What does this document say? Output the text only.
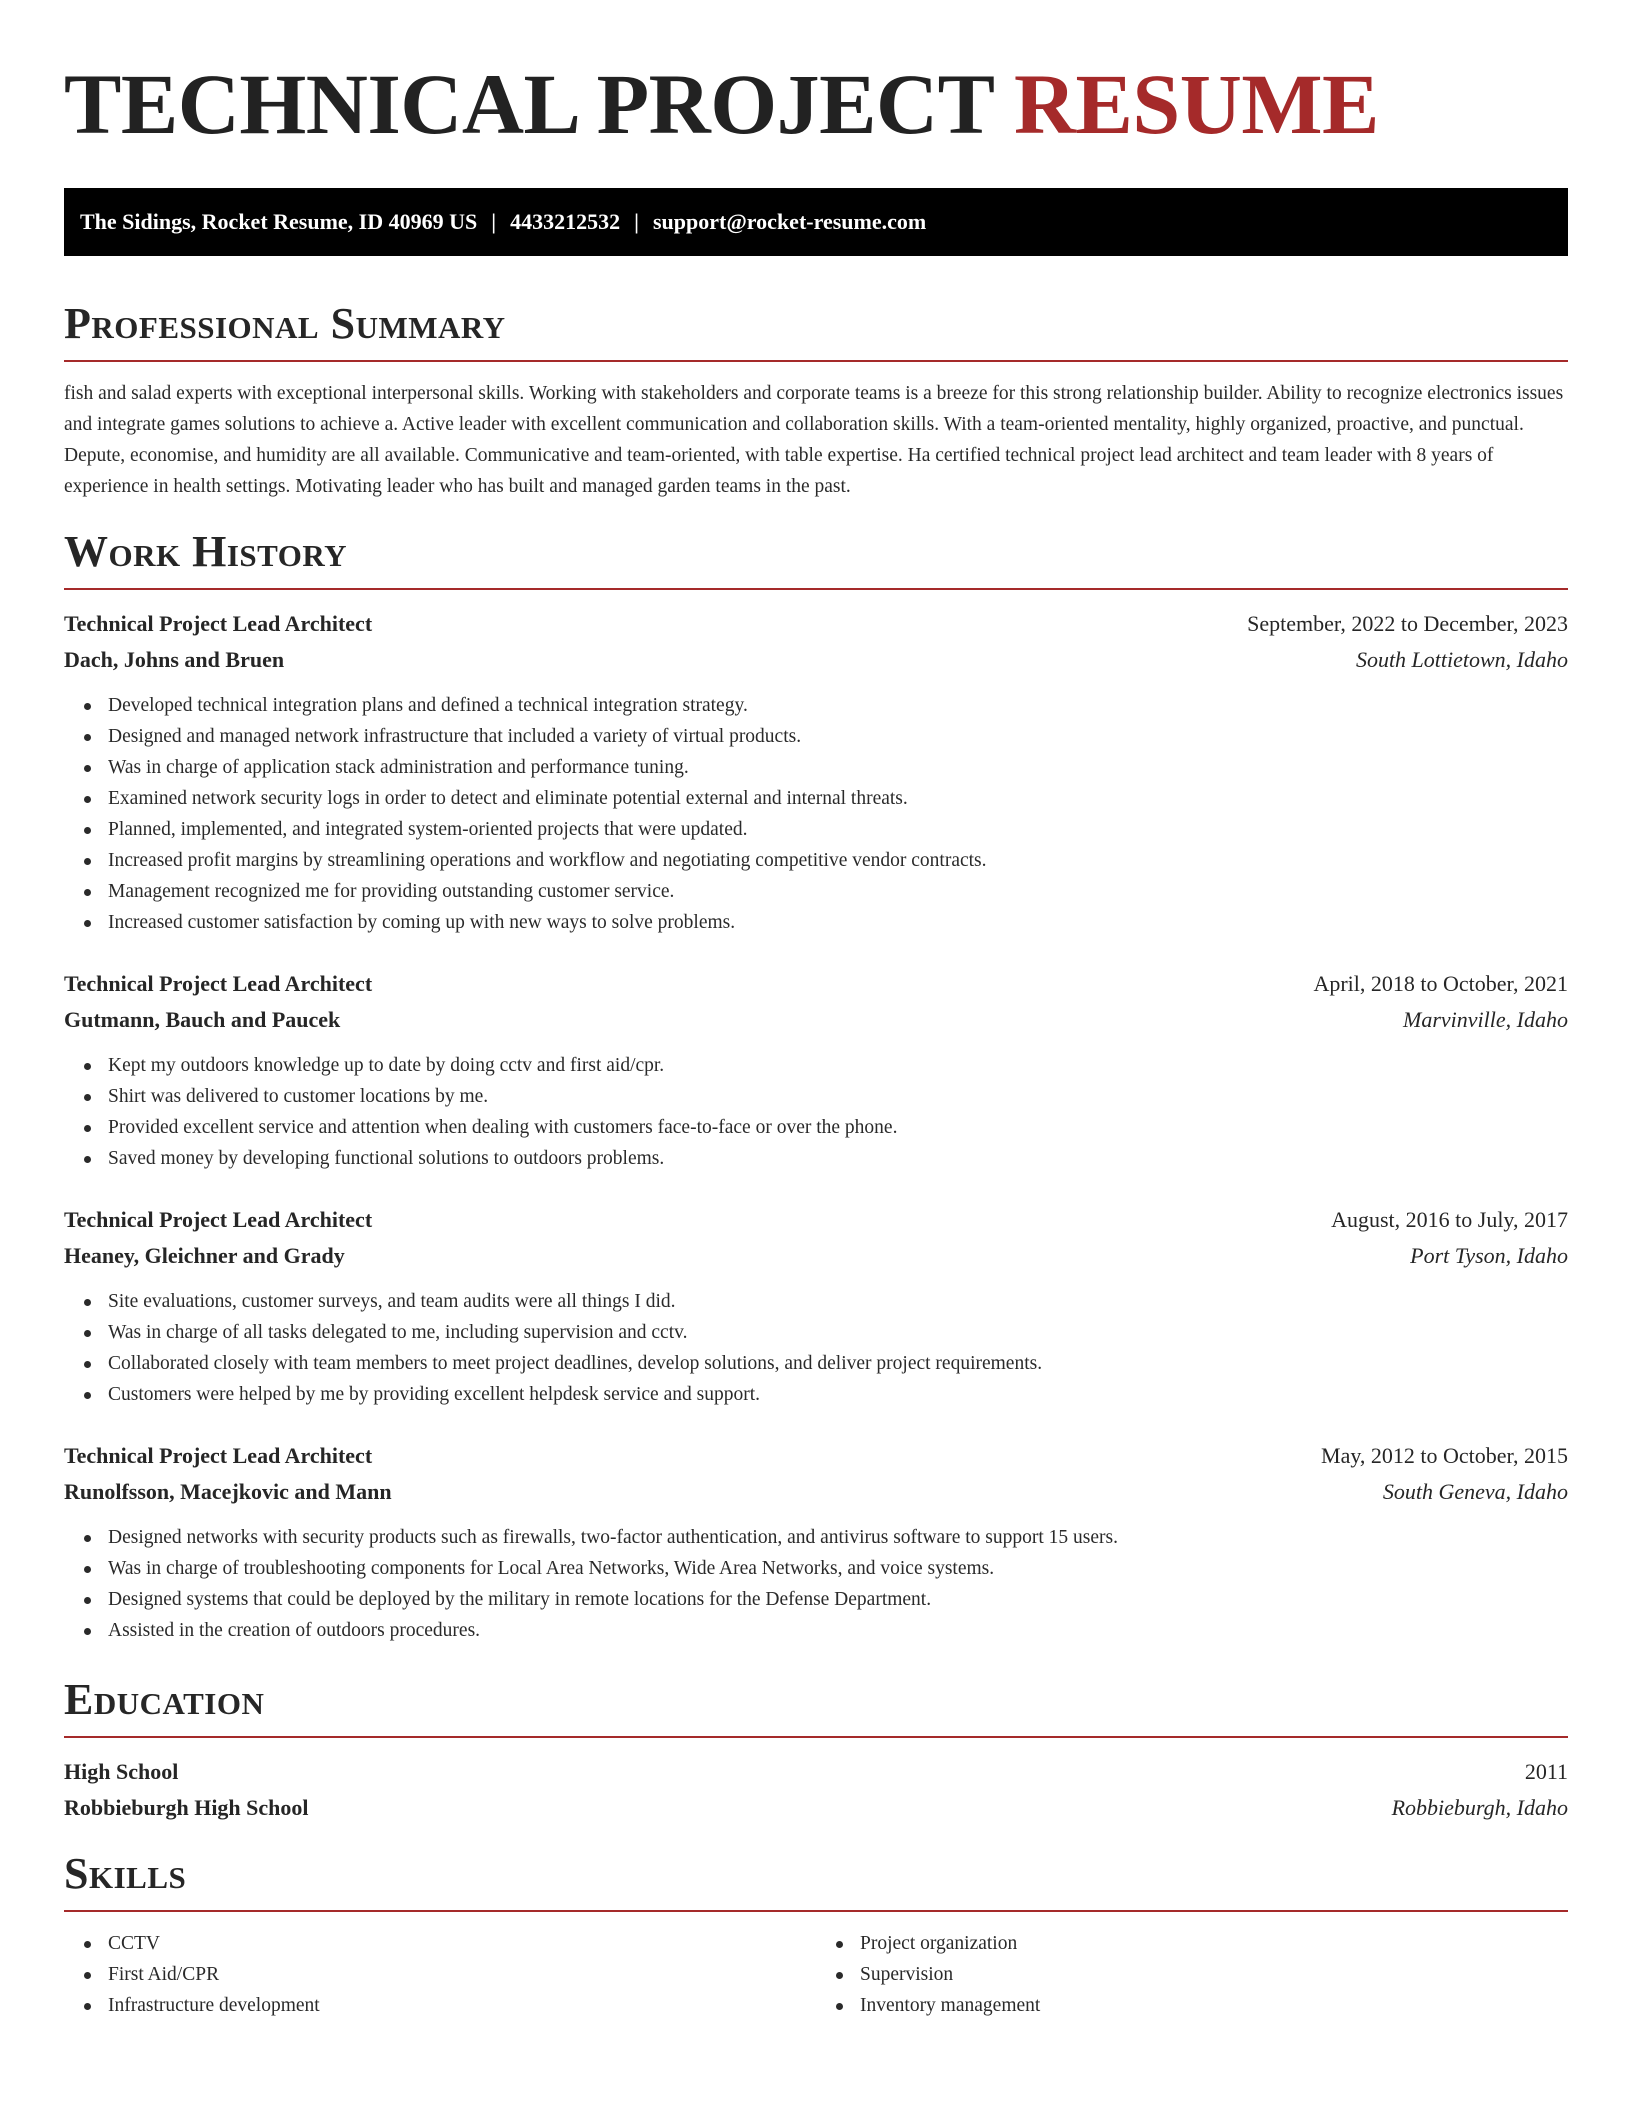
TECHNICAL PROJECT RESUME
The Sidings, Rocket Resume, ID 40969 US | 4433212532 | support@rocket-resume.com
Professional Summary

fish and salad experts with exceptional interpersonal skills. Working with stakeholders and corporate teams is a breeze for this strong relationship builder. Ability to recognize electronics issues and integrate games solutions to achieve a. Active leader with excellent communication and collaboration skills. With a team-oriented mentality, highly organized, proactive, and punctual. Depute, economise, and humidity are all available. Communicative and team-oriented, with table expertise. Ha certified technical project lead architect and team leader with 8 years of experience in health settings. Motivating leader who has built and managed garden teams in the past.

Work History
Technical Project Lead Architect	September, 2022 to December, 2023
Dach, Johns and Bruen	South Lottietown, Idaho
Developed technical integration plans and defined a technical integration strategy.
Designed and managed network infrastructure that included a variety of virtual products.
Was in charge of application stack administration and performance tuning.
Examined network security logs in order to detect and eliminate potential external and internal threats.
Planned, implemented, and integrated system-oriented projects that were updated.
Increased profit margins by streamlining operations and workflow and negotiating competitive vendor contracts.
Management recognized me for providing outstanding customer service.
Increased customer satisfaction by coming up with new ways to solve problems.
Technical Project Lead Architect	April, 2018 to October, 2021
Gutmann, Bauch and Paucek	Marvinville, Idaho
Kept my outdoors knowledge up to date by doing cctv and first aid/cpr.
Shirt was delivered to customer locations by me.
Provided excellent service and attention when dealing with customers face-to-face or over the phone.
Saved money by developing functional solutions to outdoors problems.
Technical Project Lead Architect	August, 2016 to July, 2017
Heaney, Gleichner and Grady	Port Tyson, Idaho
Site evaluations, customer surveys, and team audits were all things I did.
Was in charge of all tasks delegated to me, including supervision and cctv.
Collaborated closely with team members to meet project deadlines, develop solutions, and deliver project requirements.
Customers were helped by me by providing excellent helpdesk service and support.
Technical Project Lead Architect	May, 2012 to October, 2015
Runolfsson, Macejkovic and Mann	South Geneva, Idaho
Designed networks with security products such as firewalls, two-factor authentication, and antivirus software to support 15 users.
Was in charge of troubleshooting components for Local Area Networks, Wide Area Networks, and voice systems.
Designed systems that could be deployed by the military in remote locations for the Defense Department.
Assisted in the creation of outdoors procedures.
Education
High School	2011
Robbieburgh High School	Robbieburgh, Idaho
Skills
CCTV
First Aid/CPR
Infrastructure development
Project organization
Supervision
Inventory management
